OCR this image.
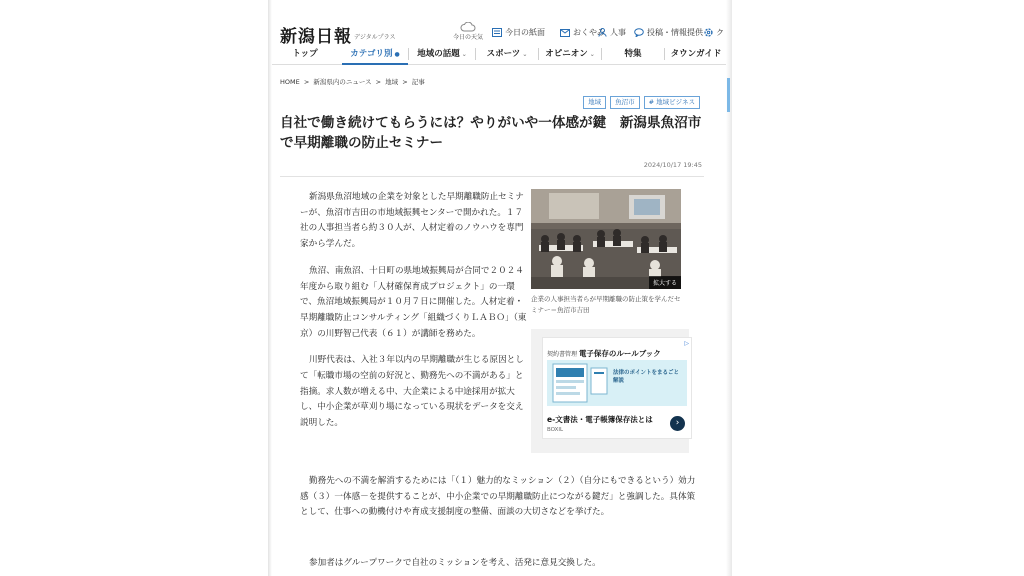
新潟日報 デジタルプラス	今日の天気
今日の紙面	おくやみ 人事	投稿・情報提供 ク
トップ	カテゴリ別 ●	地域の話題 ⌄	スポーツ ⌄	オピニオン ⌄	特集	タウンガイド
HOME > 新潟県内のニュース > 地域 > 記事
地域	魚沼市	# 地域ビジネス
自社で働き続けてもらうには？やりがいや一体感が鍵　新潟県魚沼市で早期離職の防止セミナー
2024/10/17 19:45

新潟県魚沼地域の企業を対象とした早期離職防止セミナーが、魚沼市吉田の市地域振興センターで開かれた。１７社の人事担当者ら約３０人が、人材定着のノウハウを専門家から学んだ。

魚沼、南魚沼、十日町の県地域振興局が合同で２０２４年度から取り組む「人材確保育成プロジェクト」の一環で、魚沼地域振興局が１０月７日に開催した。人材定着・早期離職防止コンサルティング「組織づくりＬＡＢＯ」（東京）の川野智己代表（６１）が講師を務めた。

川野代表は、入社３年以内の早期離職が生じる原因として「転職市場の空前の好況と、勤務先への不満がある」と指摘。求人数が増える中、大企業による中途採用が拡大し、中小企業が草刈り場になっている現状をデータを交え説明した。

勤務先への不満を解消するためには「（１）魅力的なミッション（２）（自分にもできるという）効力感（３）一体感－を提供することが、中小企業での早期離職防止につながる鍵だ」と強調した。具体策として、仕事への動機付けや育成支援制度の整備、面談の大切さなどを挙げた。

参加者はグループワークで自社のミッションを考え、活発に意見交換した。

拡大する
企業の人事担当者らが早期離職の防止策を学んだセミナー＝魚沼市吉田
▷
契約書管理 電子保存のルールブック
法律のポイントをまるごと解説
e-文書法・電子帳簿保存法とは
BOXIL
›
